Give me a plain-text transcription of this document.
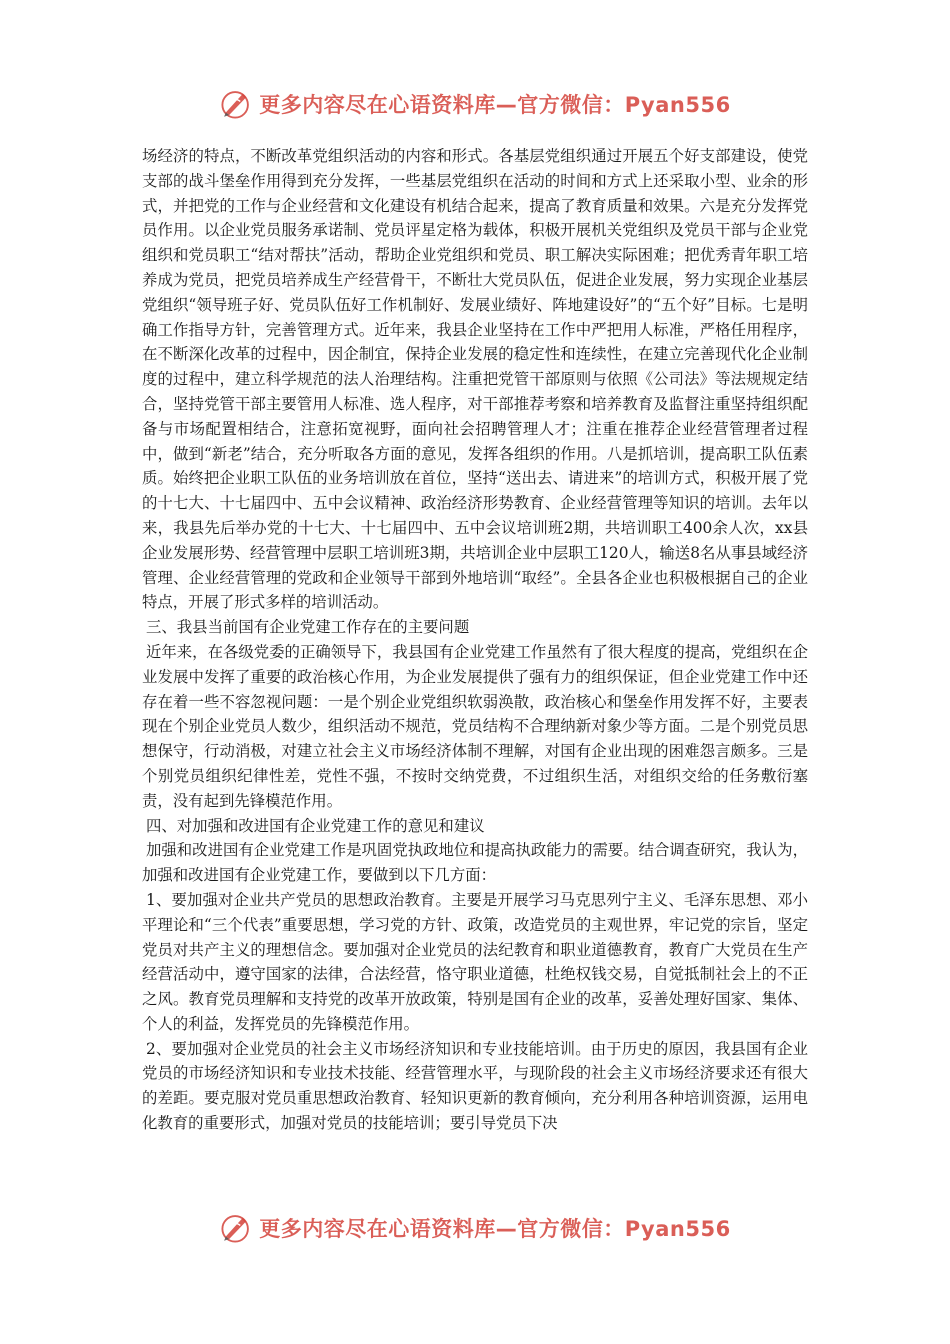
更多内容尽在心语资料库—官方微信：Pyan556

场经济的特点，不断改革党组织活动的内容和形式。各基层党组织通过开展五个好支部建设，使党支部的战斗堡垒作用得到充分发挥，一些基层党组织在活动的时间和方式上还采取小型、业余的形式，并把党的工作与企业经营和文化建设有机结合起来，提高了教育质量和效果。六是充分发挥党员作用。以企业党员服务承诺制、党员评星定格为载体，积极开展机关党组织及党员干部与企业党组织和党员职工“结对帮扶”活动，帮助企业党组织和党员、职工解决实际困难；把优秀青年职工培养成为党员，把党员培养成生产经营骨干，不断壮大党员队伍，促进企业发展，努力实现企业基层党组织“领导班子好、党员队伍好工作机制好、发展业绩好、阵地建设好”的“五个好”目标。七是明确工作指导方针，完善管理方式。近年来，我县企业坚持在工作中严把用人标准，严格任用程序，在不断深化改革的过程中，因企制宜，保持企业发展的稳定性和连续性，在建立完善现代化企业制度的过程中，建立科学规范的法人治理结构。注重把党管干部原则与依照《公司法》等法规规定结合，坚持党管干部主要管用人标准、选人程序，对干部推荐考察和培养教育及监督注重坚持组织配备与市场配置相结合，注意拓宽视野，面向社会招聘管理人才；注重在推荐企业经营管理者过程中，做到“新老”结合，充分听取各方面的意见，发挥各组织的作用。八是抓培训，提高职工队伍素质。始终把企业职工队伍的业务培训放在首位，坚持“送出去、请进来”的培训方式，积极开展了党的十七大、十七届四中、五中会议精神、政治经济形势教育、企业经营管理等知识的培训。去年以来，我县先后举办党的十七大、十七届四中、五中会议培训班2期，共培训职工400余人次，xx县企业发展形势、经营管理中层职工培训班3期，共培训企业中层职工120人，输送8名从事县域经济管理、企业经营管理的党政和企业领导干部到外地培训“取经”。全县各企业也积极根据自己的企业特点，开展了形式多样的培训活动。

三、我县当前国有企业党建工作存在的主要问题

近年来，在各级党委的正确领导下，我县国有企业党建工作虽然有了很大程度的提高，党组织在企业发展中发挥了重要的政治核心作用，为企业发展提供了强有力的组织保证，但企业党建工作中还存在着一些不容忽视问题：一是个别企业党组织软弱涣散，政治核心和堡垒作用发挥不好，主要表现在个别企业党员人数少，组织活动不规范，党员结构不合理纳新对象少等方面。二是个别党员思想保守，行动消极，对建立社会主义市场经济体制不理解，对国有企业出现的困难怨言颇多。三是个别党员组织纪律性差，党性不强，不按时交纳党费，不过组织生活，对组织交给的任务敷衍塞责，没有起到先锋模范作用。

四、对加强和改进国有企业党建工作的意见和建议

加强和改进国有企业党建工作是巩固党执政地位和提高执政能力的需要。结合调查研究，我认为，加强和改进国有企业党建工作，要做到以下几方面：

1、要加强对企业共产党员的思想政治教育。主要是开展学习马克思列宁主义、毛泽东思想、邓小平理论和“三个代表”重要思想，学习党的方针、政策，改造党员的主观世界，牢记党的宗旨，坚定党员对共产主义的理想信念。要加强对企业党员的法纪教育和职业道德教育，教育广大党员在生产经营活动中，遵守国家的法律，合法经营，恪守职业道德，杜绝权钱交易，自觉抵制社会上的不正之风。教育党员理解和支持党的改革开放政策，特别是国有企业的改革，妥善处理好国家、集体、个人的利益，发挥党员的先锋模范作用。

2、要加强对企业党员的社会主义市场经济知识和专业技能培训。由于历史的原因，我县国有企业党员的市场经济知识和专业技术技能、经营管理水平，与现阶段的社会主义市场经济要求还有很大的差距。要克服对党员重思想政治教育、轻知识更新的教育倾向，充分利用各种培训资源，运用电化教育的重要形式，加强对党员的技能培训；要引导党员下决

更多内容尽在心语资料库—官方微信：Pyan556
